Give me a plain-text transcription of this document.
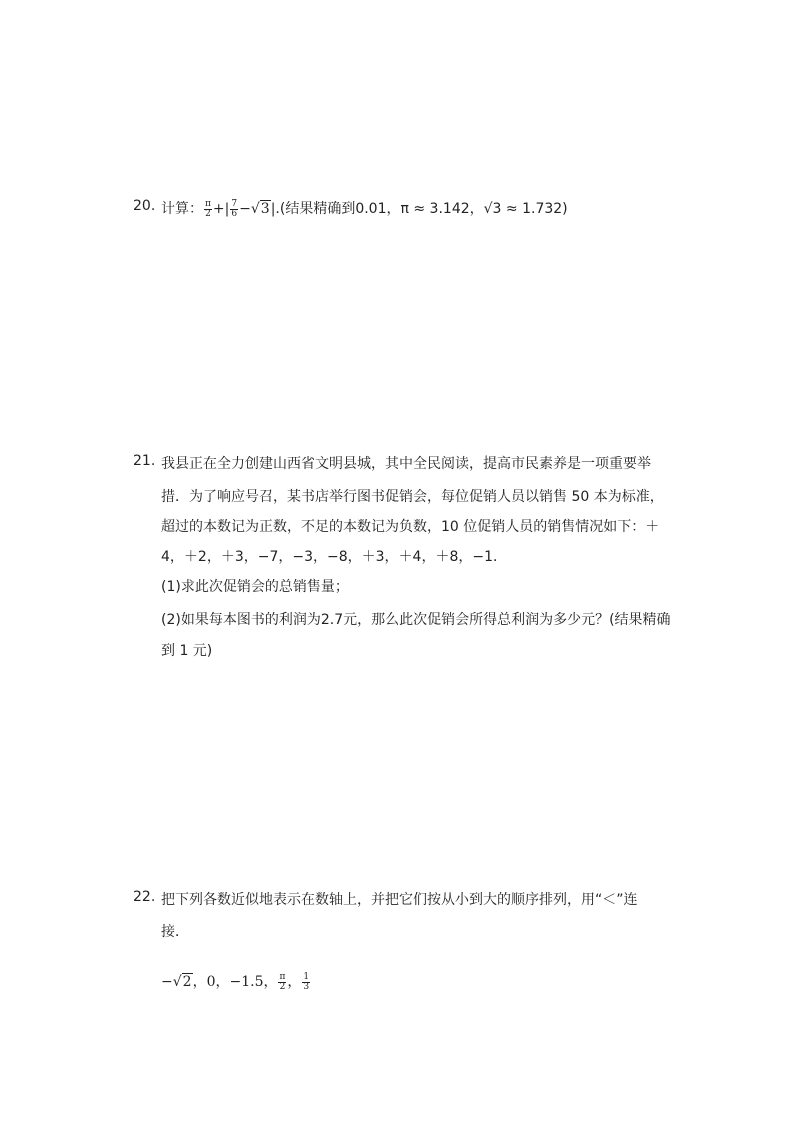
20. 计算： $\frac{\pi}{2}$ +| $\frac{7}{6} -√3|$.(结果精确到0.01，π ≈ 3.142，√3 ≈ 1.732)
21. 我县正在全力创建山西省文明县城，其中全民阅读，提高市民素养是一项重要举
措．为了响应号召，某书店举行图书促销会，每位促销人员以销售 50 本为标准，
超过的本数记为正数，不足的本数记为负数，10 位促销人员的销售情况如下：＋
4，＋2，＋3，−7，−3，−8，＋3，＋4，＋8，−1．
(1)求此次促销会的总销售量；
(2)如果每本图书的利润为2.7元，那么此次促销会所得总利润为多少元？(结果精确
到 1 元)
22. 把下列各数近似地表示在数轴上，并把它们按从小到大的顺序排列，用“＜”连
接．
−√2，0，−1.5， $\frac{\pi}{2}$ ， $\frac{1}{3}$
